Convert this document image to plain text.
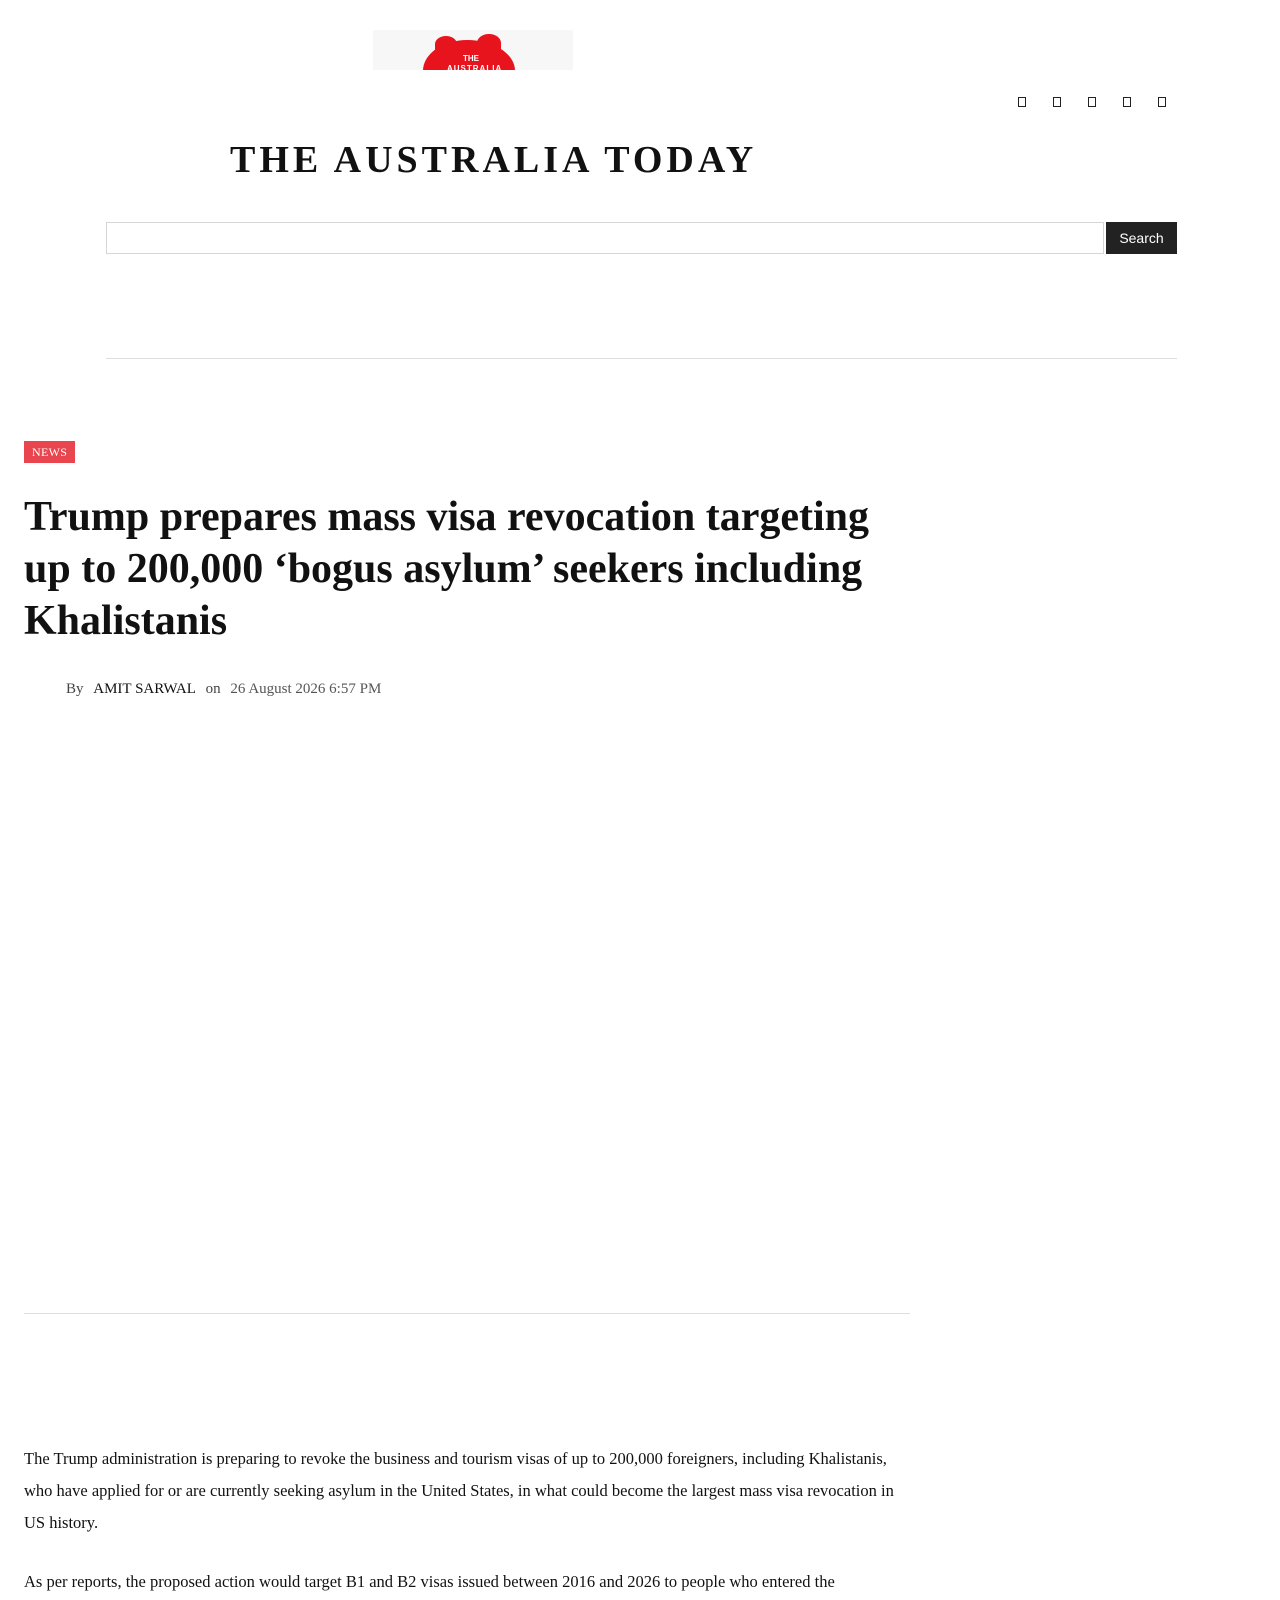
THE
AUSTRALIA
THE AUSTRALIA TODAY
Search
NEWS
Trump prepares mass visa revocation targeting up to 200,000 ‘bogus asylum’ seekers including Khalistanis
By AMIT SARWAL on 26 August 2026 6:57 PM

The Trump administration is preparing to revoke the business and tourism visas of up to 200,000 foreigners, including Khalistanis, who have applied for or are currently seeking asylum in the United States, in what could become the largest mass visa revocation in US history.

As per reports, the proposed action would target B1 and B2 visas issued between 2016 and 2026 to people who entered the
